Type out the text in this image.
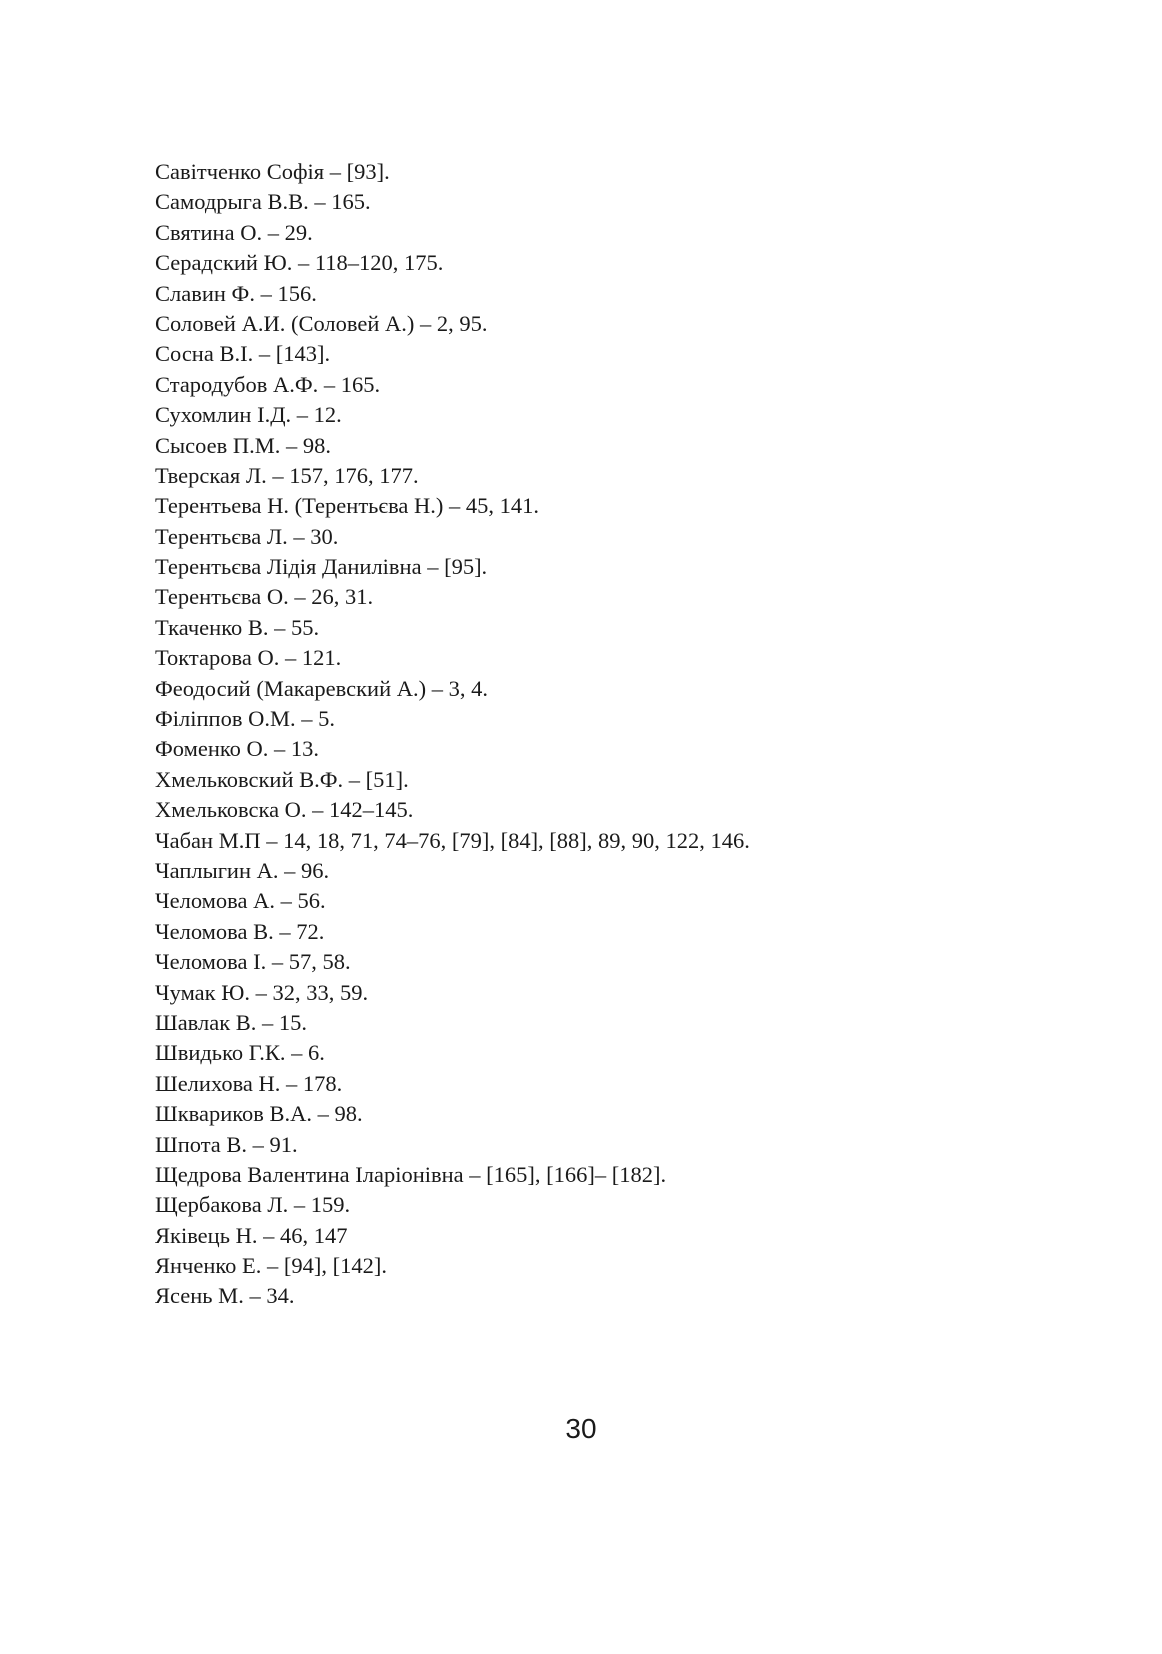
Савітченко Софія – [93].
Самодрыга В.В. – 165.
Святина О. – 29.
Серадский Ю. – 118–120, 175.
Славин Ф. – 156.
Соловей А.И. (Соловей А.) – 2, 95.
Сосна В.І. – [143].
Стародубов А.Ф. – 165.
Сухомлин І.Д. – 12.
Сысоев П.М. – 98.
Тверская Л. – 157, 176, 177.
Терентьева Н. (Терентьєва Н.) – 45, 141.
Терентьєва Л. – 30.
Терентьєва Лідія Данилівна – [95].
Терентьєва О. – 26, 31.
Ткаченко В. – 55.
Токтарова О. – 121.
Феодосий (Макаревский А.) – 3, 4.
Філіппов О.М. – 5.
Фоменко О. – 13.
Хмельковский В.Ф. – [51].
Хмельковска О. – 142–145.
Чабан М.П – 14, 18, 71, 74–76, [79], [84], [88], 89, 90, 122, 146.
Чаплыгин А. – 96.
Челомова А. – 56.
Челомова В. – 72.
Челомова І. – 57, 58.
Чумак Ю. – 32, 33, 59.
Шавлак В. – 15.
Швидько Г.К. – 6.
Шелихова Н. – 178.
Шквариков В.А. – 98.
Шпота В. – 91.
Щедрова Валентина Іларіонівна – [165], [166]– [182].
Щербакова Л. – 159.
Яківець Н. – 46, 147
Янченко Е. – [94], [142].
Ясень М. – 34.
30
